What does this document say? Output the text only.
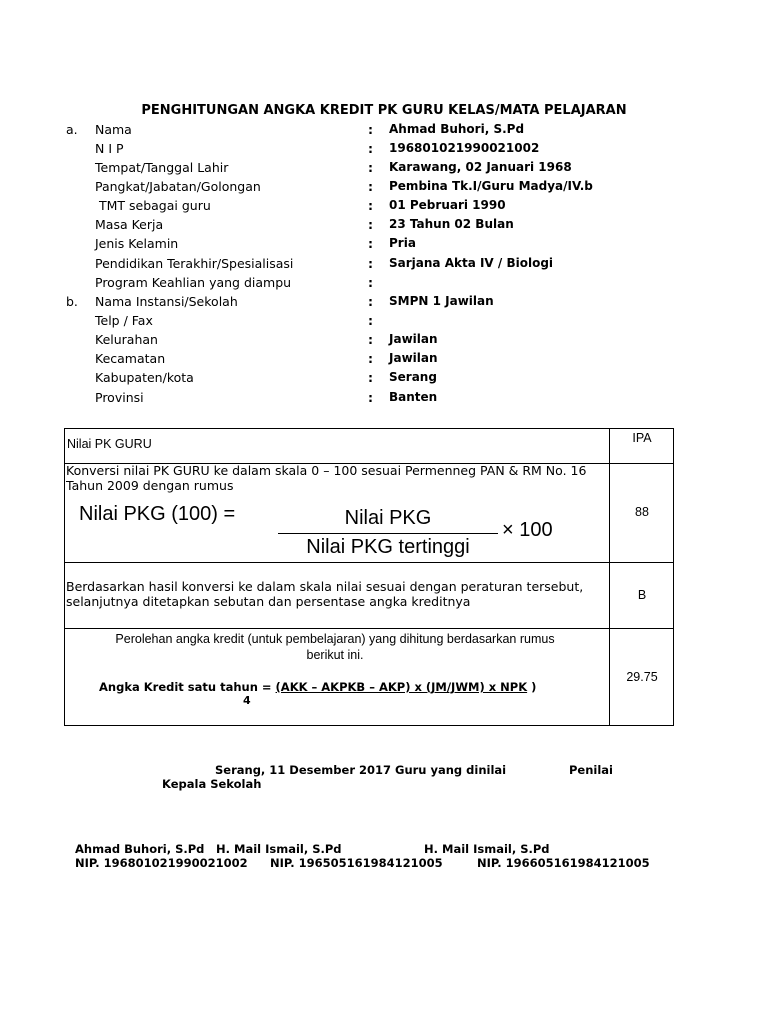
PENGHITUNGAN ANGKA KREDIT PK GURU KELAS/MATA PELAJARAN
a. Nama	: Ahmad Buhori, S.Pd
N I P	: 196801021990021002
Tempat/Tanggal Lahir	: Karawang, 02 Januari 1968
Pangkat/Jabatan/Golongan	: Pembina Tk.I/Guru Madya/IV.b
TMT sebagai guru	: 01 Pebruari 1990
Masa Kerja	: 23 Tahun 02 Bulan
Jenis Kelamin	: Pria
Pendidikan Terakhir/Spesialisasi	: Sarjana Akta IV / Biologi
Program Keahlian yang diampu	:
b. Nama Instansi/Sekolah	: SMPN 1 Jawilan
Telp / Fax	:
Kelurahan	: Jawilan
Kecamatan	: Jawilan
Kabupaten/kota	: Serang
Provinsi	: Banten
Nilai PK GURU	IPA
Konversi nilai PK GURU ke dalam skala 0 – 100 sesuai Permenneg PAN & RM No. 16
Tahun 2009 dengan rumus
Nilai PKG (100) =	Nilai PKG
Nilai PKG tertinggi
× 100
88
Berdasarkan hasil konversi ke dalam skala nilai sesuai dengan peraturan tersebut,
selanjutnya ditetapkan sebutan dan persentase angka kreditnya	B
Perolehan angka kredit (untuk pembelajaran) yang dihitung berdasarkan rumus
berikut ini.
Angka Kredit satu tahun = (AKK – AKPKB – AKP) x (JM/JWM) x NPK )
4
29.75
Serang, 11 Desember 2017 Guru yang dinilai	Penilai
Kepala Sekolah
Ahmad Buhori, S.Pd H. Mail Ismail, S.Pd	H. Mail Ismail, S.Pd
NIP. 196801021990021002 NIP. 196505161984121005	NIP. 196605161984121005
